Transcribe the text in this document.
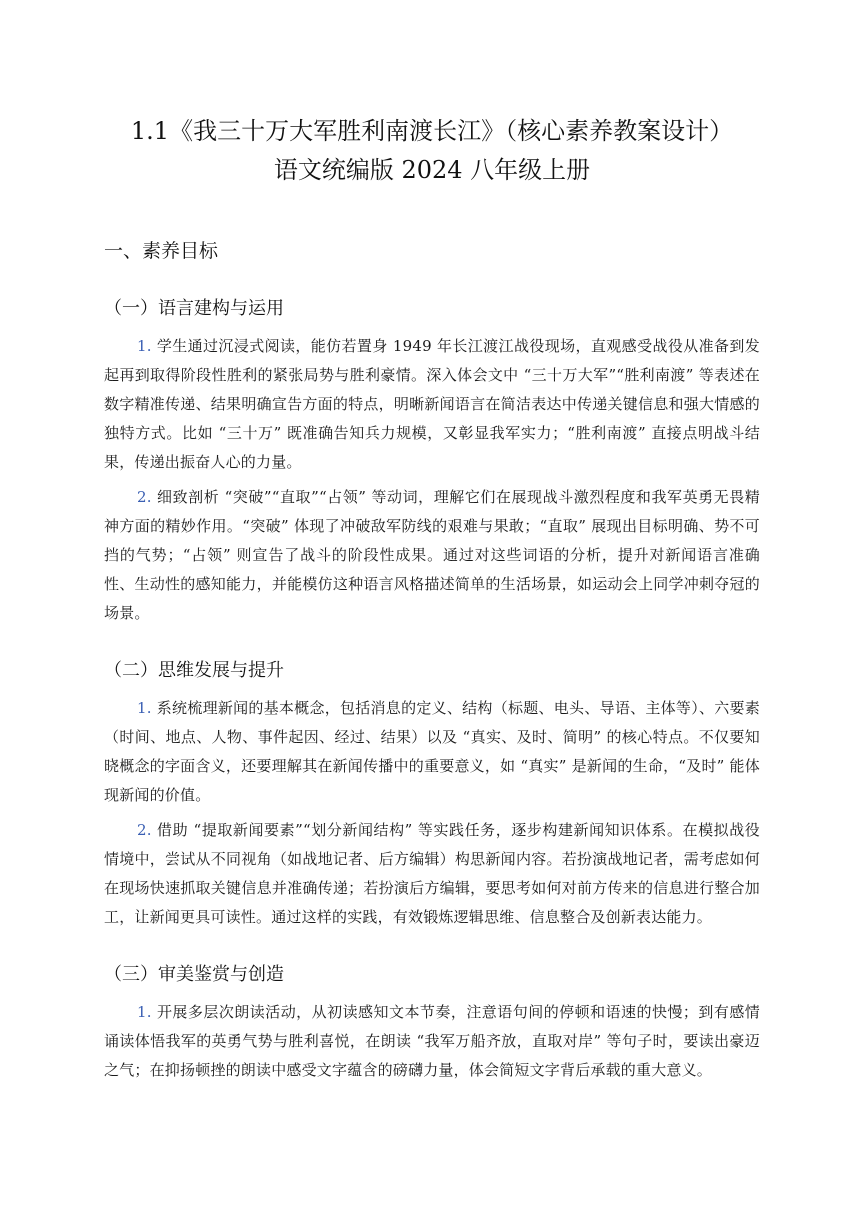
1.1《我三十万大军胜利南渡长江》（核心素养教案设计）
语文统编版 2024 八年级上册
一、素养目标
（一）语言建构与运用

1. 学生通过沉浸式阅读，能仿若置身 1949 年长江渡江战役现场，直观感受战役从准备到发起再到取得阶段性胜利的紧张局势与胜利豪情。深入体会文中 “三十万大军”“胜利南渡” 等表述在数字精准传递、结果明确宣告方面的特点，明晰新闻语言在简洁表达中传递关键信息和强大情感的独特方式。比如 “三十万” 既准确告知兵力规模，又彰显我军实力；“胜利南渡” 直接点明战斗结果，传递出振奋人心的力量。

2. 细致剖析 “突破”“直取”“占领” 等动词，理解它们在展现战斗激烈程度和我军英勇无畏精神方面的精妙作用。“突破” 体现了冲破敌军防线的艰难与果敢；“直取” 展现出目标明确、势不可挡的气势；“占领” 则宣告了战斗的阶段性成果。通过对这些词语的分析，提升对新闻语言准确性、生动性的感知能力，并能模仿这种语言风格描述简单的生活场景，如运动会上同学冲刺夺冠的场景。

（二）思维发展与提升

1. 系统梳理新闻的基本概念，包括消息的定义、结构（标题、电头、导语、主体等）、六要素（时间、地点、人物、事件起因、经过、结果）以及 “真实、及时、简明” 的核心特点。不仅要知晓概念的字面含义，还要理解其在新闻传播中的重要意义，如 “真实” 是新闻的生命，“及时” 能体现新闻的价值。

2. 借助 “提取新闻要素”“划分新闻结构” 等实践任务，逐步构建新闻知识体系。在模拟战役情境中，尝试从不同视角（如战地记者、后方编辑）构思新闻内容。若扮演战地记者，需考虑如何在现场快速抓取关键信息并准确传递；若扮演后方编辑，要思考如何对前方传来的信息进行整合加工，让新闻更具可读性。通过这样的实践，有效锻炼逻辑思维、信息整合及创新表达能力。

（三）审美鉴赏与创造

1. 开展多层次朗读活动，从初读感知文本节奏，注意语句间的停顿和语速的快慢；到有感情诵读体悟我军的英勇气势与胜利喜悦，在朗读 “我军万船齐放，直取对岸” 等句子时，要读出豪迈之气；在抑扬顿挫的朗读中感受文字蕴含的磅礴力量，体会简短文字背后承载的重大意义。
